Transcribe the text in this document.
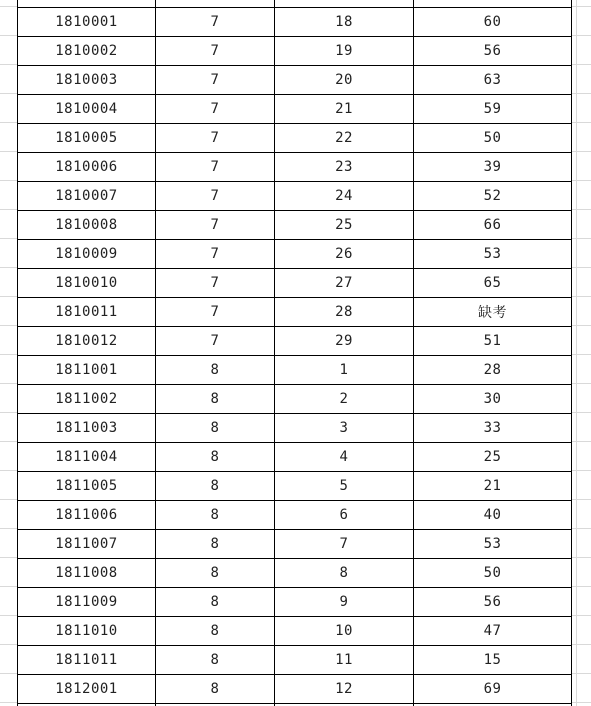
1810001	7	18	60
1810002	7	19	56
1810003	7	20	63
1810004	7	21	59
1810005	7	22	50
1810006	7	23	39
1810007	7	24	52
1810008	7	25	66
1810009	7	26	53
1810010	7	27	65
1810011	7	28	缺考
1810012	7	29	51
1811001	8	1	28
1811002	8	2	30
1811003	8	3	33
1811004	8	4	25
1811005	8	5	21
1811006	8	6	40
1811007	8	7	53
1811008	8	8	50
1811009	8	9	56
1811010	8	10	47
1811011	8	11	15
1812001	8	12	69
